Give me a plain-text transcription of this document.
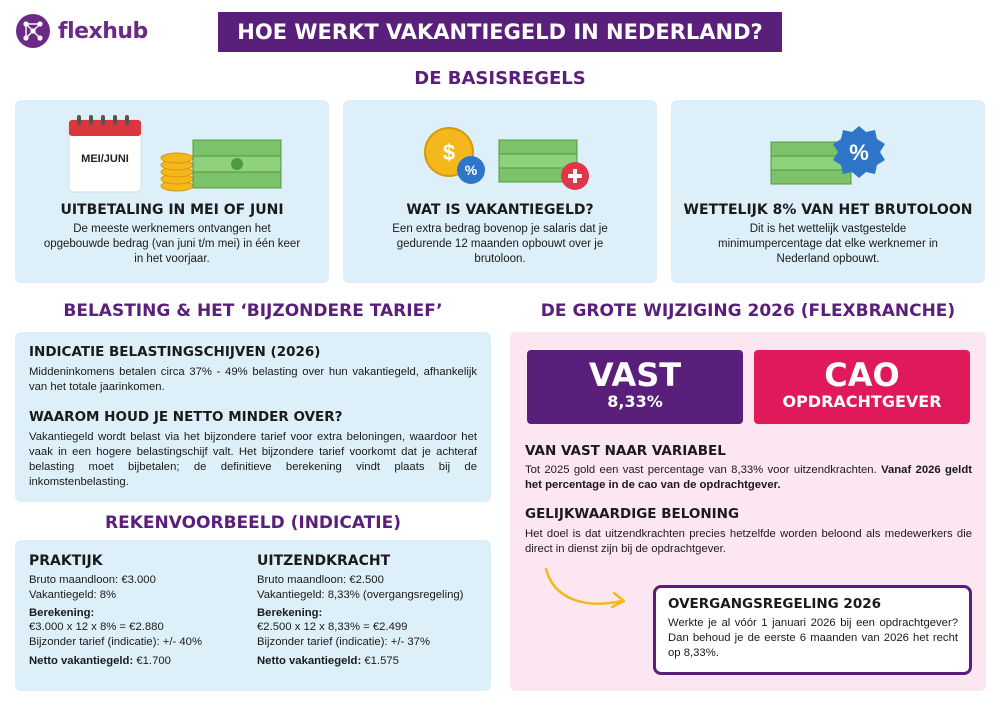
flexhub	HOE WERKT VAKANTIEGELD IN NEDERLAND?
DE BASISREGELS
MEI/JUNI
UITBETALING IN MEI OF JUNI

De meeste werknemers ontvangen het opgebouwde bedrag (van juni t/m mei) in één keer in het voorjaar.

$
%
WAT IS VAKANTIEGELD?

Een extra bedrag bovenop je salaris dat je gedurende 12 maanden opbouwt over je brutoloon.

%
WETTELIJK 8% VAN HET BRUTOLOON

Dit is het wettelijk vastgestelde minimumpercentage dat elke werknemer in Nederland opbouwt.

BELASTING & HET ‘BIJZONDERE TARIEF’
INDICATIE BELASTINGSCHIJVEN (2026)
Middeninkomens betalen circa 37% - 49% belasting over hun vakantiegeld, afhankelijk van het totale jaarinkomen.
WAAROM HOUD JE NETTO MINDER OVER?
Vakantiegeld wordt belast via het bijzondere tarief voor extra beloningen, waardoor het vaak in een hogere belastingschijf valt. Het bijzondere tarief voorkomt dat je achteraf belasting moet bijbetalen; de definitieve berekening vindt plaats bij de inkomstenbelasting.
REKENVOORBEELD (INDICATIE)
PRAKTIJK
Bruto maandloon: €3.000
Vakantiegeld: 8%
Berekening:
€3.000 x 12 x 8% = €2.880
Bijzonder tarief (indicatie): +/- 40%
Netto vakantiegeld: €1.700
UITZENDKRACHT
Bruto maandloon: €2.500
Vakantiegeld: 8,33% (overgangsregeling)
Berekening:
€2.500 x 12 x 8,33% = €2.499
Bijzonder tarief (indicatie): +/- 37%
Netto vakantiegeld: €1.575
DE GROTE WIJZIGING 2026 (FLEXBRANCHE)
VAST
8,33%
CAO
OPDRACHTGEVER
VAN VAST NAAR VARIABEL
Tot 2025 gold een vast percentage van 8,33% voor uitzendkrachten. Vanaf 2026 geldt het percentage in de cao van de opdrachtgever.
GELIJKWAARDIGE BELONING
Het doel is dat uitzendkrachten precies hetzelfde worden beloond als medewerkers die direct in dienst zijn bij de opdrachtgever.
OVERGANGSREGELING 2026
Werkte je al vóór 1 januari 2026 bij een opdrachtgever? Dan behoud je de eerste 6 maanden van 2026 het recht op 8,33%.
